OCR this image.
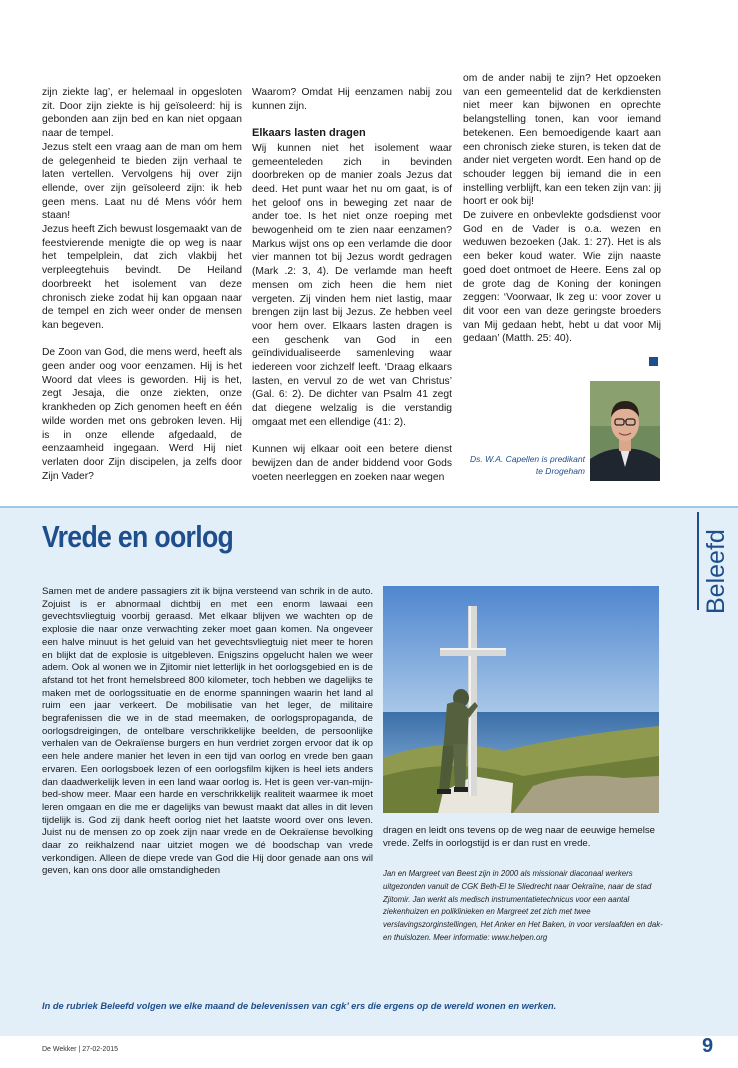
zijn ziekte lag’, er helemaal in opgesloten zit. Door zijn ziekte is hij geïsoleerd: hij is gebonden aan zijn bed en kan niet opgaan naar de tempel.

Jezus stelt een vraag aan de man om hem de gelegenheid te bieden zijn verhaal te laten vertellen. Vervolgens hij over zijn ellende, over zijn geïsoleerd zijn: ik heb geen mens. Laat nu dé Mens vóór hem staan!

Jezus heeft Zich bewust losgemaakt van de feestvierende menigte die op weg is naar het tempelplein, dat zich vlakbij het verpleegtehuis bevindt. De Heiland doorbreekt het isolement van deze chronisch zieke zodat hij kan opgaan naar de tempel en zich weer onder de mensen kan begeven.

De Zoon van God, die mens werd, heeft als geen ander oog voor eenzamen. Hij is het Woord dat vlees is geworden. Hij is het, zegt Jesaja, die onze ziekten, onze krankheden op Zich genomen heeft en één wilde worden met ons gebroken leven. Hij is in onze ellende afgedaald, de eenzaamheid ingegaan. Werd Hij niet verlaten door Zijn discipelen, ja zelfs door Zijn Vader?

Waarom? Omdat Hij eenzamen nabij zou kunnen zijn.

Elkaars lasten dragen

Wij kunnen niet het isolement waar gemeenteleden zich in bevinden doorbreken op de manier zoals Jezus dat deed. Het punt waar het nu om gaat, is of het geloof ons in beweging zet naar de ander toe. Is het niet onze roeping met bewogenheid om te zien naar eenzamen? Markus wijst ons op een verlamde die door vier mannen tot bij Jezus wordt gedragen (Mark .2: 3, 4). De verlamde man heeft mensen om zich heen die hem niet vergeten. Zij vinden hem niet lastig, maar brengen zijn last bij Jezus. Ze hebben veel voor hem over. Elkaars lasten dragen is een geschenk van God in een geïndividualiseerde samenleving waar iedereen voor zichzelf leeft. ‘Draag elkaars lasten, en vervul zo de wet van Christus’ (Gal. 6: 2). De dichter van Psalm 41 zegt dat diegene welzalig is die verstandig omgaat met een ellendige (41: 2).

Kunnen wij elkaar ooit een betere dienst bewijzen dan de ander biddend voor Gods voeten neerleggen en zoeken naar wegen

om de ander nabij te zijn? Het opzoeken van een gemeentelid dat de kerkdiensten niet meer kan bijwonen en oprechte belangstelling tonen, kan voor iemand betekenen. Een bemoedigende kaart aan een chronisch zieke sturen, is teken dat de ander niet vergeten wordt. Een hand op de schouder leggen bij iemand die in een instelling verblijft, kan een teken zijn van: jij hoort er ook bij!

De zuivere en onbevlekte godsdienst voor God en de Vader is o.a. wezen en weduwen bezoeken (Jak. 1: 27). Het is als een beker koud water. Wie zijn naaste goed doet ontmoet de Heere. Eens zal op de grote dag de Koning der koningen zeggen: ‘Voorwaar, Ik zeg u: voor zover u dit voor een van deze geringste broeders van Mij gedaan hebt, hebt u dat voor Mij gedaan’ (Matth. 25: 40).

Ds. W.A. Capellen is predikant te Drogeham
Vrede en oorlog	Beleefd
Samen met de andere passagiers zit ik bijna versteend van schrik in de auto. Zojuist is er abnormaal dichtbij en met een enorm lawaai een gevechtsvliegtuig voorbij geraasd. Met elkaar blijven we wachten op de explosie die naar onze verwachting zeker moet gaan komen. Na ongeveer een halve minuut is het geluid van het gevechtsvliegtuig niet meer te horen en blijkt dat de explosie is uitgebleven. Enigszins opgelucht halen we weer adem. Ook al wonen we in Zjitomir niet letterlijk in het oorlogsgebied en is de afstand tot het front hemelsbreed 800 kilometer, toch hebben we dagelijks te maken met de oorlogssituatie en de enorme spanningen waarin het land al ruim een jaar verkeert. De mobilisatie van het leger, de militaire begrafenissen die we in de stad meemaken, de oorlogspropaganda, de oorlogsdreigingen, de ontelbare verschrikkelijke beelden, de persoonlijke verhalen van de Oekraïense burgers en hun verdriet zorgen ervoor dat ik op een hele andere manier het leven in een tijd van oorlog en vrede ben gaan ervaren. Een oorlogsboek lezen of een oorlogsfilm kijken is heel iets anders dan daadwerkelijk leven in een land waar oorlog is. Het is geen ver-van-mijn-bed-show meer. Maar een harde en verschrikkelijk realiteit waarmee ik moet leren omgaan en die me er dagelijks van bewust maakt dat alles in dit leven tijdelijk is. God zij dank heeft oorlog niet het laatste woord over ons leven. Juist nu de mensen zo op zoek zijn naar vrede en de Oekraïense bevolking daar zo reikhalzend naar uitziet mogen we dé boodschap van vrede verkondigen. Alleen de diepe vrede van God die Hij door genade aan ons wil geven, kan ons door alle omstandigheden
dragen en leidt ons tevens op de weg naar de eeuwige hemelse vrede. Zelfs in oorlogstijd is er dan rust en vrede.
Jan en Margreet van Beest zijn in 2000 als missionair diaconaal werkers uitgezonden vanuit de CGK Beth-El te Sliedrecht naar Oekraïne, naar de stad Zjitomir. Jan werkt als medisch instrumentatietechnicus voor een aantal ziekenhuizen en poliklinieken en Margreet zet zich met twee verslavingszorginstellingen, Het Anker en Het Baken, in voor verslaafden en dak- en thuislozen. Meer informatie: www.helpen.org
In de rubriek Beleefd volgen we elke maand de belevenissen van cgk’ ers die ergens op de wereld wonen en werken.
De Wekker | 27-02-2015	9
